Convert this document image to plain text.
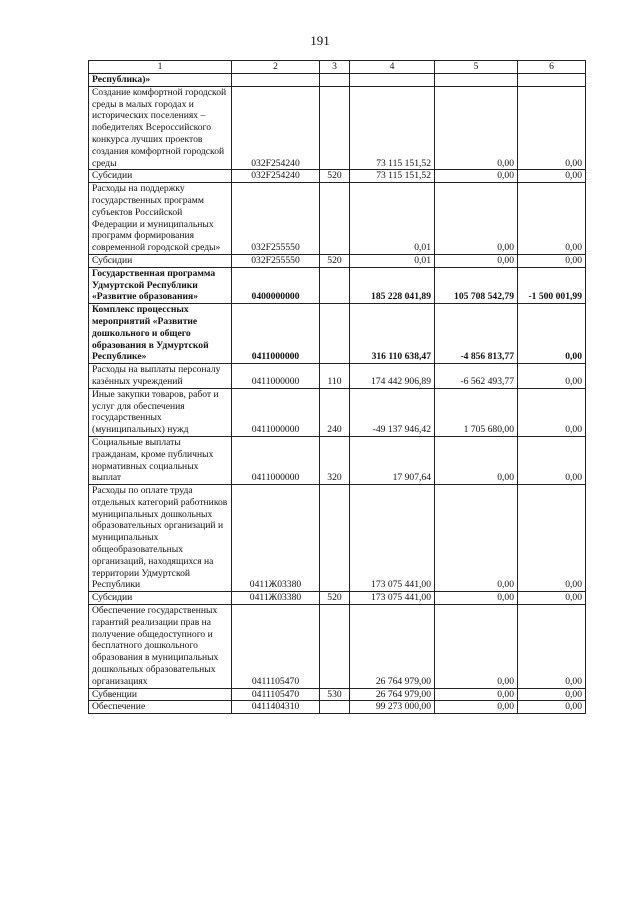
191
1	2	3	4	5	6
Республика)»					
Создание комфортной городской среды в малых городах и исторических поселениях – победителях Всероссийского конкурса лучших проектов создания комфортной городской среды	032F254240		73 115 151,52	0,00	0,00
Субсидии	032F254240	520	73 115 151,52	0,00	0,00
Расходы на поддержку государственных программ субъектов Российской Федерации и муниципальных программ формирования современной городской среды»	032F255550		0,01	0,00	0,00
Субсидии	032F255550	520	0,01	0,00	0,00
Государственная программа Удмуртской Республики «Развитие образования»	0400000000		185 228 041,89	105 708 542,79	-1 500 001,99
Комплекс процессных мероприятий «Развитие дошкольного и общего образования в Удмуртской Республике»	0411000000		316 110 638,47	-4 856 813,77	0,00
Расходы на выплаты персоналу казённых учреждений	0411000000	110	174 442 906,89	-6 562 493,77	0,00
Иные закупки товаров, работ и услуг для обеспечения государственных (муниципальных) нужд	0411000000	240	-49 137 946,42	1 705 680,00	0,00
Социальные выплаты гражданам, кроме публичных нормативных социальных выплат	0411000000	320	17 907,64	0,00	0,00
Расходы по оплате труда отдельных категорий работников муниципальных дошкольных образовательных организаций и муниципальных общеобразовательных организаций, находящихся на территории Удмуртской Республики	0411Ж03380		173 075 441,00	0,00	0,00
Субсидии	0411Ж03380	520	173 075 441,00	0,00	0,00
Обеспечение государственных гарантий реализации прав на получение общедоступного и бесплатного дошкольного образования в муниципальных дошкольных образовательных организациях	0411105470		26 764 979,00	0,00	0,00
Субвенции	0411105470	530	26 764 979,00	0,00	0,00
Обеспечение	0411404310		99 273 000,00	0,00	0,00
